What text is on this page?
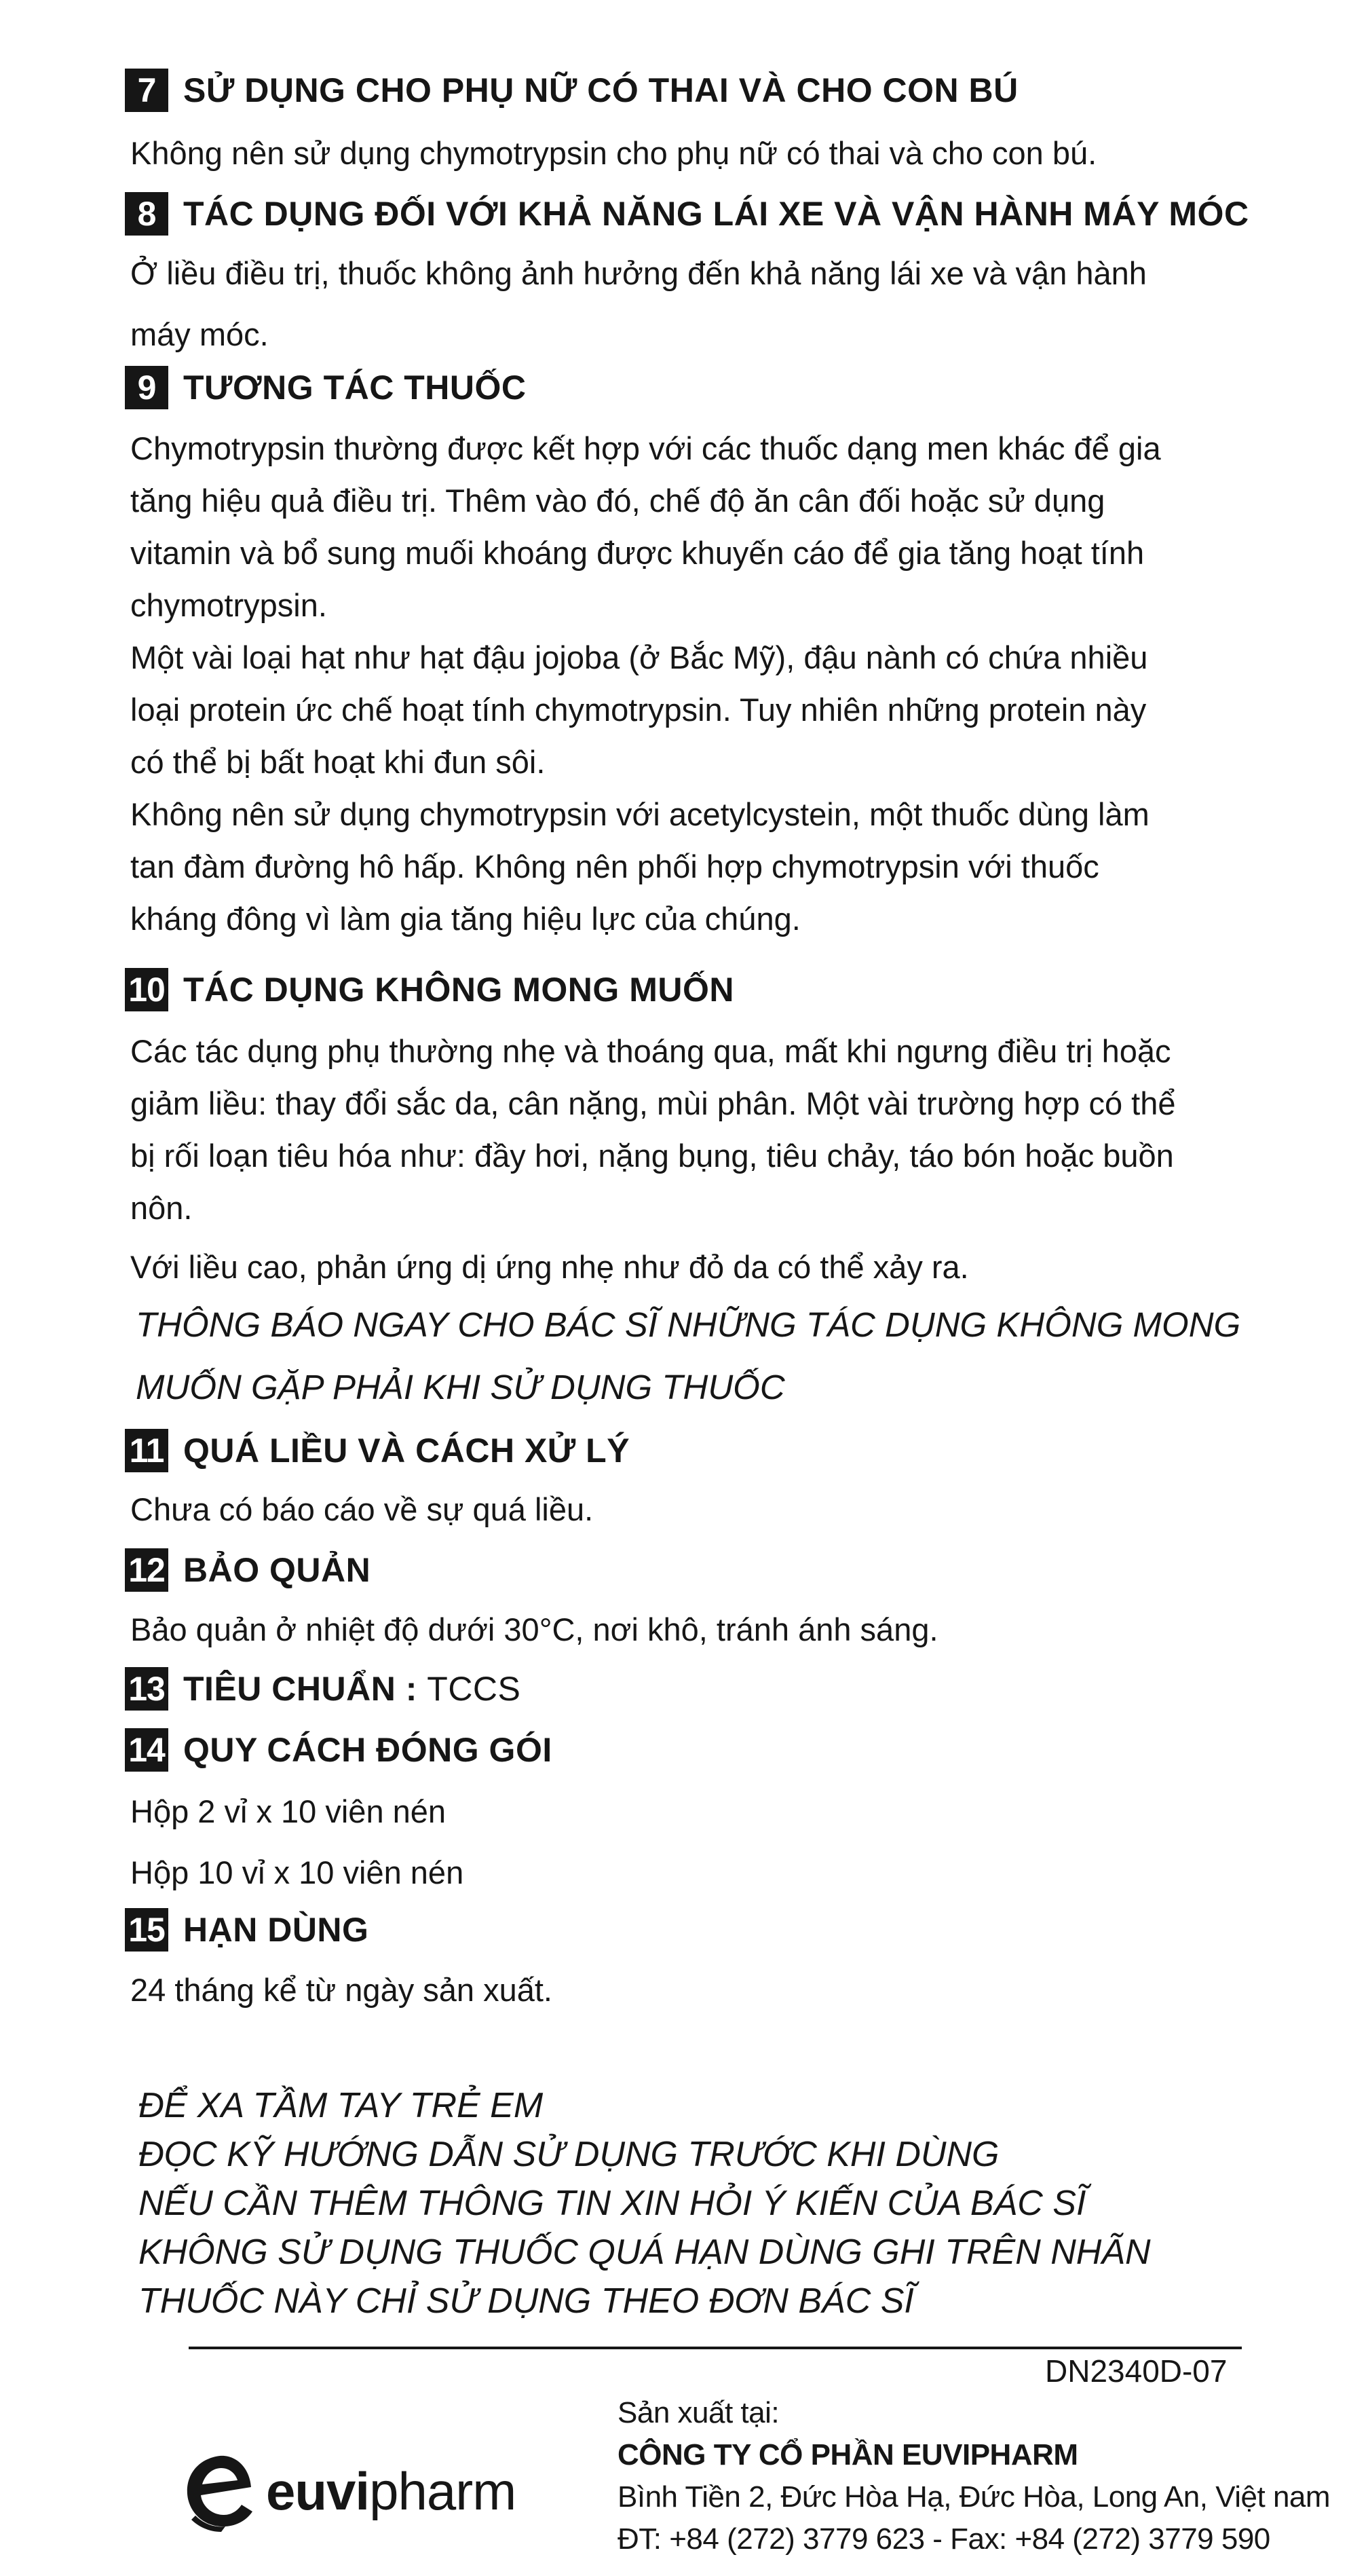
7 SỬ DỤNG CHO PHỤ NỮ CÓ THAI VÀ CHO CON BÚ
Không nên sử dụng chymotrypsin cho phụ nữ có thai và cho con bú.
8 TÁC DỤNG ĐỐI VỚI KHẢ NĂNG LÁI XE VÀ VẬN HÀNH MÁY MÓC
Ở liều điều trị, thuốc không ảnh hưởng đến khả năng lái xe và vận hành
máy móc.
9 TƯƠNG TÁC THUỐC
Chymotrypsin thường được kết hợp với các thuốc dạng men khác để gia
tăng hiệu quả điều trị. Thêm vào đó, chế độ ăn cân đối hoặc sử dụng
vitamin và bổ sung muối khoáng được khuyến cáo để gia tăng hoạt tính
chymotrypsin.
Một vài loại hạt như hạt đậu jojoba (ở Bắc Mỹ), đậu nành có chứa nhiều
loại protein ức chế hoạt tính chymotrypsin. Tuy nhiên những protein này
có thể bị bất hoạt khi đun sôi.
Không nên sử dụng chymotrypsin với acetylcystein, một thuốc dùng làm
tan đàm đường hô hấp. Không nên phối hợp chymotrypsin với thuốc
kháng đông vì làm gia tăng hiệu lực của chúng.
10 TÁC DỤNG KHÔNG MONG MUỐN
Các tác dụng phụ thường nhẹ và thoáng qua, mất khi ngưng điều trị hoặc
giảm liều: thay đổi sắc da, cân nặng, mùi phân. Một vài trường hợp có thể
bị rối loạn tiêu hóa như: đầy hơi, nặng bụng, tiêu chảy, táo bón hoặc buồn
nôn.
Với liều cao, phản ứng dị ứng nhẹ như đỏ da có thể xảy ra.
THÔNG BÁO NGAY CHO BÁC SĨ NHỮNG TÁC DỤNG KHÔNG MONG
MUỐN GẶP PHẢI KHI SỬ DỤNG THUỐC
11 QUÁ LIỀU VÀ CÁCH XỬ LÝ
Chưa có báo cáo về sự quá liều.
12 BẢO QUẢN
Bảo quản ở nhiệt độ dưới 30°C, nơi khô, tránh ánh sáng.
13 TIÊU CHUẨN : TCCS
14 QUY CÁCH ĐÓNG GÓI
Hộp 2 vỉ x 10 viên nén
Hộp 10 vỉ x 10 viên nén
15 HẠN DÙNG
24 tháng kể từ ngày sản xuất.
ĐỂ XA TẦM TAY TRẺ EM
ĐỌC KỸ HƯỚNG DẪN SỬ DỤNG TRƯỚC KHI DÙNG
NẾU CẦN THÊM THÔNG TIN XIN HỎI Ý KIẾN CỦA BÁC SĨ
KHÔNG SỬ DỤNG THUỐC QUÁ HẠN DÙNG GHI TRÊN NHÃN
THUỐC NÀY CHỈ SỬ DỤNG THEO ĐƠN BÁC SĨ
DN2340D-07
euvipharm
Sản xuất tại:
CÔNG TY CỔ PHẦN EUVIPHARM
Bình Tiền 2, Đức Hòa Hạ, Đức Hòa, Long An, Việt nam
ĐT: +84 (272) 3779 623 - Fax: +84 (272) 3779 590
